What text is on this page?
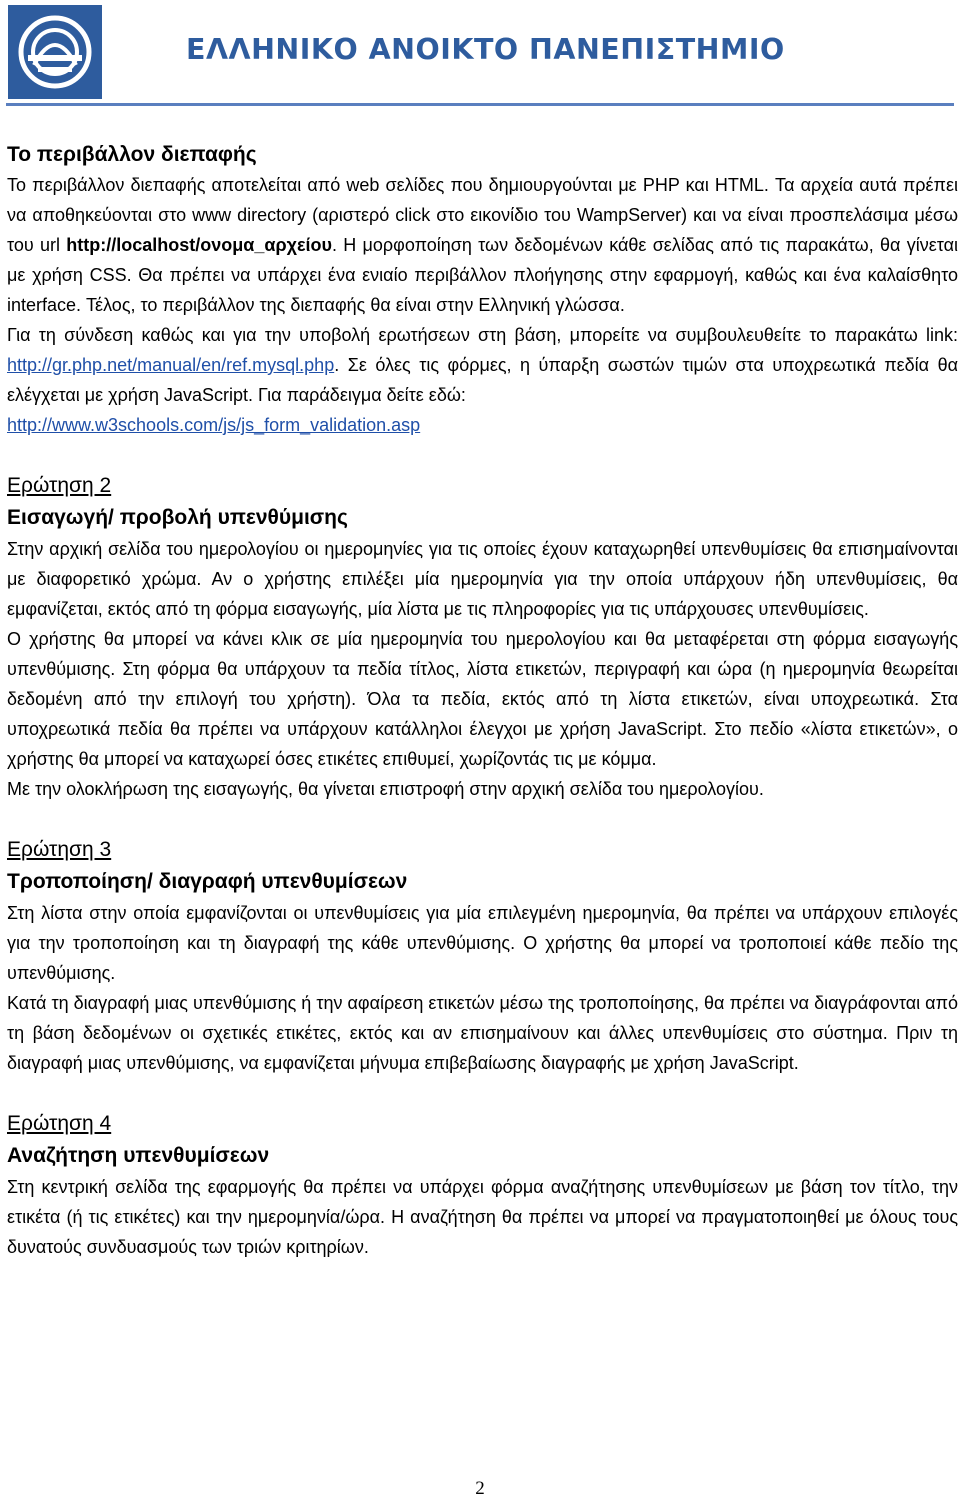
ΕΛΛΗΝΙΚΟ ΑΝΟΙΚΤΟ ΠΑΝΕΠΙΣΤΗΜΙΟ
Το περιβάλλον διεπαφής

Το περιβάλλον διεπαφής αποτελείται από web σελίδες που δημιουργούνται με PHP και HTML. Τα αρχεία αυτά πρέπει να αποθηκεύονται στο www directory (αριστερό click στο εικονίδιο του WampServer) και να είναι προσπελάσιμα μέσω του url http://localhost/ονομα_αρχείου. Η μορφοποίηση των δεδομένων κάθε σελίδας από τις παρακάτω, θα γίνεται με χρήση CSS. Θα πρέπει να υπάρχει ένα ενιαίο περιβάλλον πλοήγησης στην εφαρμογή, καθώς και ένα καλαίσθητο interface. Τέλος, το περιβάλλον της διεπαφής θα είναι στην Ελληνική γλώσσα.

Για τη σύνδεση καθώς και για την υποβολή ερωτήσεων στη βάση, μπορείτε να συμβουλευθείτε το παρακάτω link: http://gr.php.net/manual/en/ref.mysql.php. Σε όλες τις φόρμες, η ύπαρξη σωστών τιμών στα υποχρεωτικά πεδία θα ελέγχεται με χρήση JavaScript. Για παράδειγμα δείτε εδώ:
http://www.w3schools.com/js/js_form_validation.asp

Ερώτηση 2
Εισαγωγή/ προβολή υπενθύμισης

Στην αρχική σελίδα του ημερολογίου οι ημερομηνίες για τις οποίες έχουν καταχωρηθεί υπενθυμίσεις θα επισημαίνονται με διαφορετικό χρώμα. Αν ο χρήστης επιλέξει μία ημερομηνία για την οποία υπάρχουν ήδη υπενθυμίσεις, θα εμφανίζεται, εκτός από τη φόρμα εισαγωγής, μία λίστα με τις πληροφορίες για τις υπάρχουσες υπενθυμίσεις.

Ο χρήστης θα μπορεί να κάνει κλικ σε μία ημερομηνία του ημερολογίου και θα μεταφέρεται στη φόρμα εισαγωγής υπενθύμισης. Στη φόρμα θα υπάρχουν τα πεδία τίτλος, λίστα ετικετών, περιγραφή και ώρα (η ημερομηνία θεωρείται δεδομένη από την επιλογή του χρήστη). Όλα τα πεδία, εκτός από τη λίστα ετικετών, είναι υποχρεωτικά. Στα υποχρεωτικά πεδία θα πρέπει να υπάρχουν κατάλληλοι έλεγχοι με χρήση JavaScript. Στο πεδίο «λίστα ετικετών», ο χρήστης θα μπορεί να καταχωρεί όσες ετικέτες επιθυμεί, χωρίζοντάς τις με κόμμα.

Με την ολοκλήρωση της εισαγωγής, θα γίνεται επιστροφή στην αρχική σελίδα του ημερολογίου.

Ερώτηση 3
Τροποποίηση/ διαγραφή υπενθυμίσεων

Στη λίστα στην οποία εμφανίζονται οι υπενθυμίσεις για μία επιλεγμένη ημερομηνία, θα πρέπει να υπάρχουν επιλογές για την τροποποίηση και τη διαγραφή της κάθε υπενθύμισης. Ο χρήστης θα μπορεί να τροποποιεί κάθε πεδίο της υπενθύμισης.

Κατά τη διαγραφή μιας υπενθύμισης ή την αφαίρεση ετικετών μέσω της τροποποίησης, θα πρέπει να διαγράφονται από τη βάση δεδομένων οι σχετικές ετικέτες, εκτός και αν επισημαίνουν και άλλες υπενθυμίσεις στο σύστημα. Πριν τη διαγραφή μιας υπενθύμισης, να εμφανίζεται μήνυμα επιβεβαίωσης διαγραφής με χρήση JavaScript.

Ερώτηση 4
Αναζήτηση υπενθυμίσεων

Στη κεντρική σελίδα της εφαρμογής θα πρέπει να υπάρχει φόρμα αναζήτησης υπενθυμίσεων με βάση τον τίτλο, την ετικέτα (ή τις ετικέτες) και την ημερομηνία/ώρα. Η αναζήτηση θα πρέπει να μπορεί να πραγματοποιηθεί με όλους τους δυνατούς συνδυασμούς των τριών κριτηρίων.

2
